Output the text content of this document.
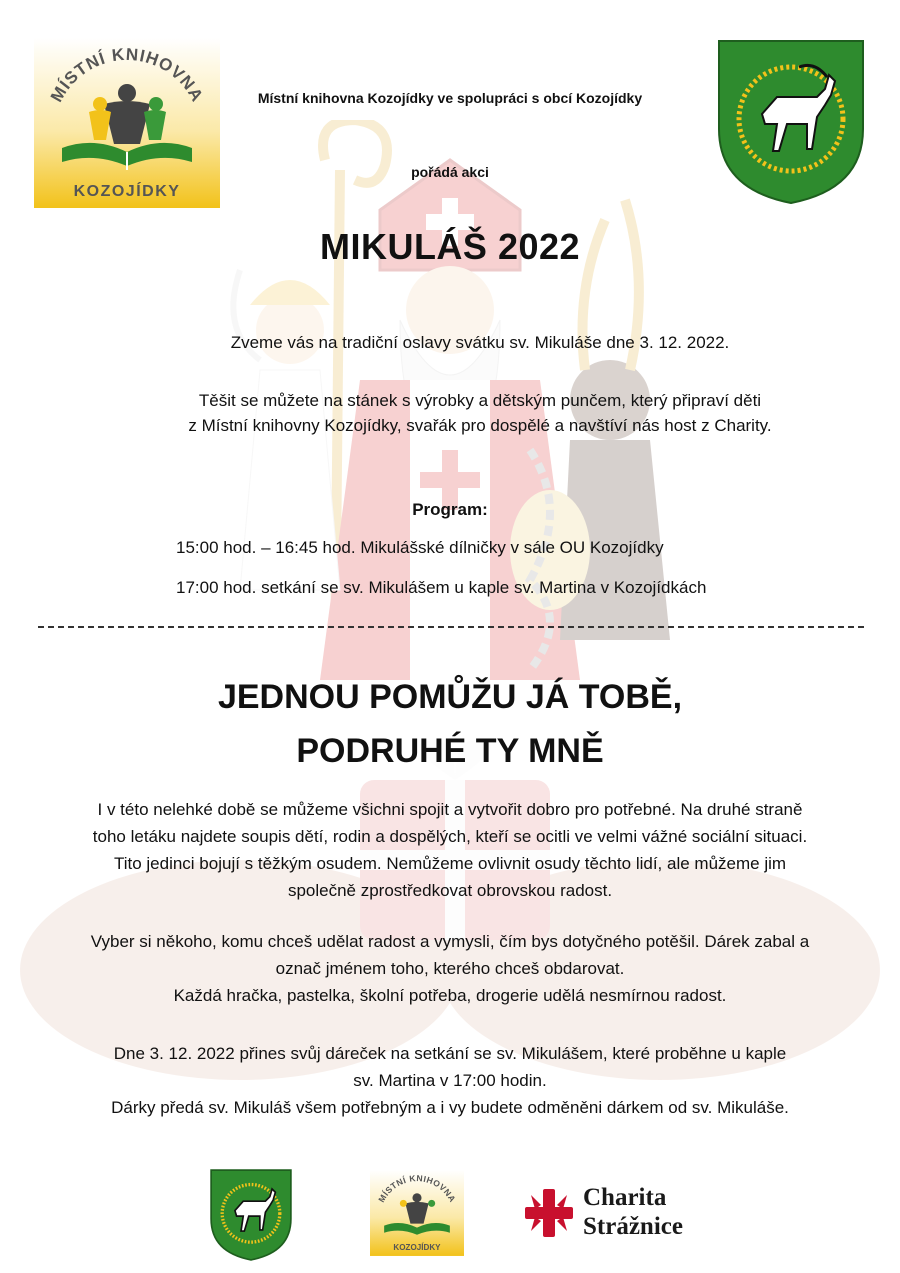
MÍSTNÍ KNIHOVNA
KOZOJÍDKY
Místní knihovna Kozojídky ve spolupráci s obcí Kozojídky
pořádá akci
MIKULÁŠ 2022
Zveme vás na tradiční oslavy svátku sv. Mikuláše dne 3. 12. 2022.
Těšit se můžete na stánek s výrobky a dětským punčem, který připraví děti
z Místní knihovny Kozojídky, svařák pro dospělé a navštíví nás host z Charity.
Program:
15:00 hod. – 16:45 hod. Mikulášské dílničky v sále OU Kozojídky
17:00 hod. setkání se sv. Mikulášem u kaple sv. Martina v Kozojídkách
JEDNOU POMŮŽU JÁ TOBĚ,
PODRUHÉ TY MNĚ
I v této nelehké době se můžeme všichni spojit a vytvořit dobro pro potřebné. Na druhé straně
toho letáku najdete soupis dětí, rodin a dospělých, kteří se ocitli ve velmi vážné sociální situaci.
Tito jedinci bojují s těžkým osudem. Nemůžeme ovlivnit osudy těchto lidí, ale můžeme jim
společně zprostředkovat obrovskou radost.
Vyber si někoho, komu chceš udělat radost a vymysli, čím bys dotyčného potěšil. Dárek zabal a
označ jménem toho, kterého chceš obdarovat.
Každá hračka, pastelka, školní potřeba, drogerie udělá nesmírnou radost.
Dne 3. 12. 2022 přines svůj dáreček na setkání se sv. Mikulášem, které proběhne u kaple
sv. Martina v 17:00 hodin.
Dárky předá sv. Mikuláš všem potřebným a i vy budete odměněni dárkem od sv. Mikuláše.
MÍSTNÍ KNIHOVNA
KOZOJÍDKY
Charita
Strážnice
